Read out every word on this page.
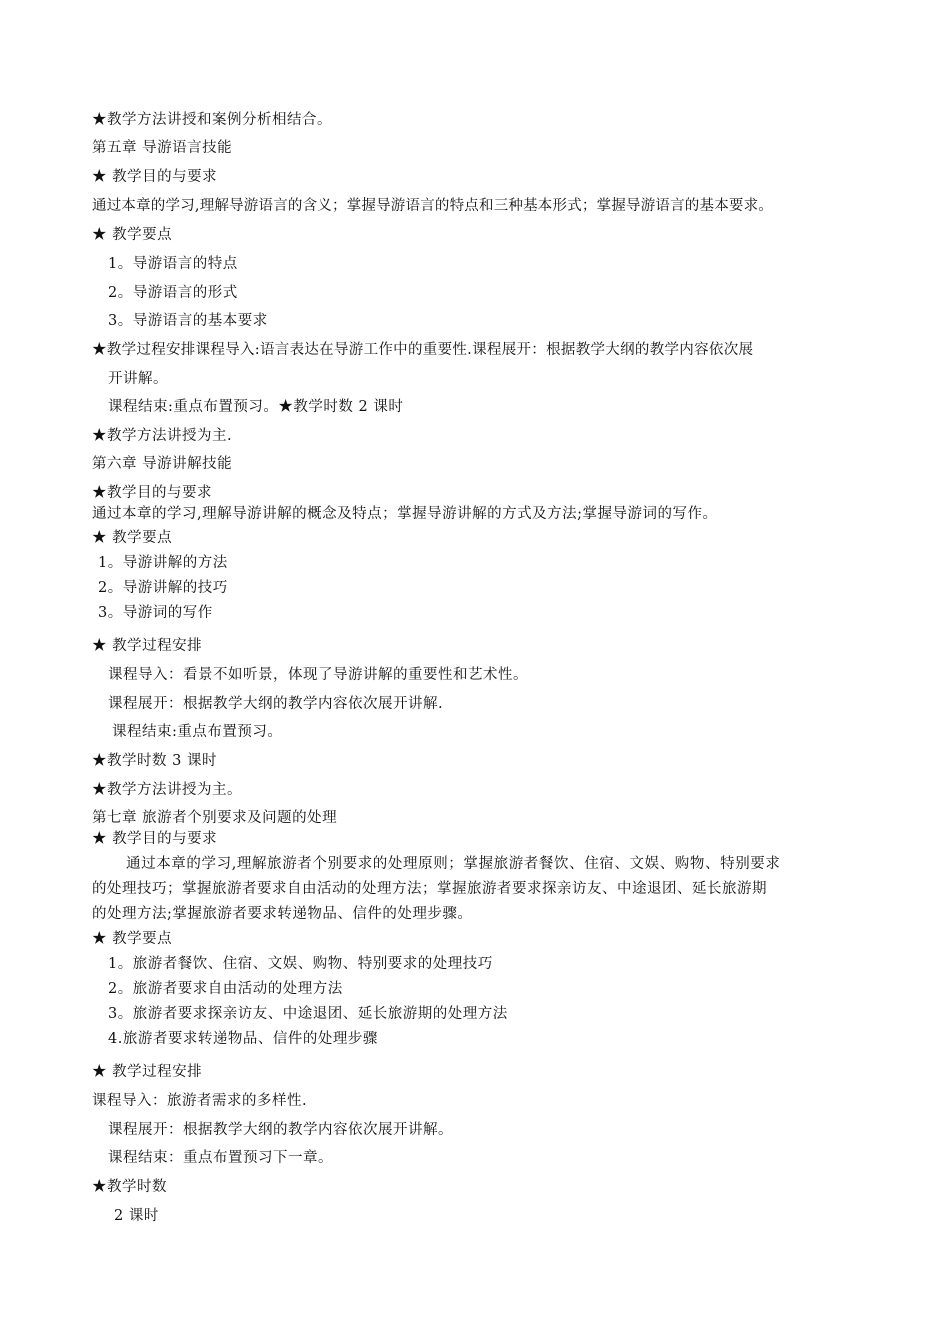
★教学方法讲授和案例分析相结合。
第五章 导游语言技能
★ 教学目的与要求
通过本章的学习,理解导游语言的含义；掌握导游语言的特点和三种基本形式；掌握导游语言的基本要求。
★ 教学要点
1。导游语言的特点
2。导游语言的形式
3。导游语言的基本要求
★教学过程安排课程导入:语言表达在导游工作中的重要性.课程展开：根据教学大纲的教学内容依次展
开讲解。
课程结束:重点布置预习。★教学时数 2 课时
★教学方法讲授为主.
第六章 导游讲解技能
★教学目的与要求
通过本章的学习,理解导游讲解的概念及特点；掌握导游讲解的方式及方法;掌握导游词的写作。
★ 教学要点
1。导游讲解的方法
2。导游讲解的技巧
3。导游词的写作
★ 教学过程安排
课程导入：看景不如听景，体现了导游讲解的重要性和艺术性。
课程展开：根据教学大纲的教学内容依次展开讲解.
课程结束:重点布置预习。
★教学时数 3 课时
★教学方法讲授为主。
第七章 旅游者个别要求及问题的处理
★ 教学目的与要求
通过本章的学习,理解旅游者个别要求的处理原则；掌握旅游者餐饮、住宿、文娱、购物、特别要求
的处理技巧；掌握旅游者要求自由活动的处理方法；掌握旅游者要求探亲访友、中途退团、延长旅游期
的处理方法;掌握旅游者要求转递物品、信件的处理步骤。
★ 教学要点
1。旅游者餐饮、住宿、文娱、购物、特别要求的处理技巧
2。旅游者要求自由活动的处理方法
3。旅游者要求探亲访友、中途退团、延长旅游期的处理方法
4.旅游者要求转递物品、信件的处理步骤
★ 教学过程安排
课程导入：旅游者需求的多样性.
课程展开：根据教学大纲的教学内容依次展开讲解。
课程结束：重点布置预习下一章。
★教学时数
2 课时
